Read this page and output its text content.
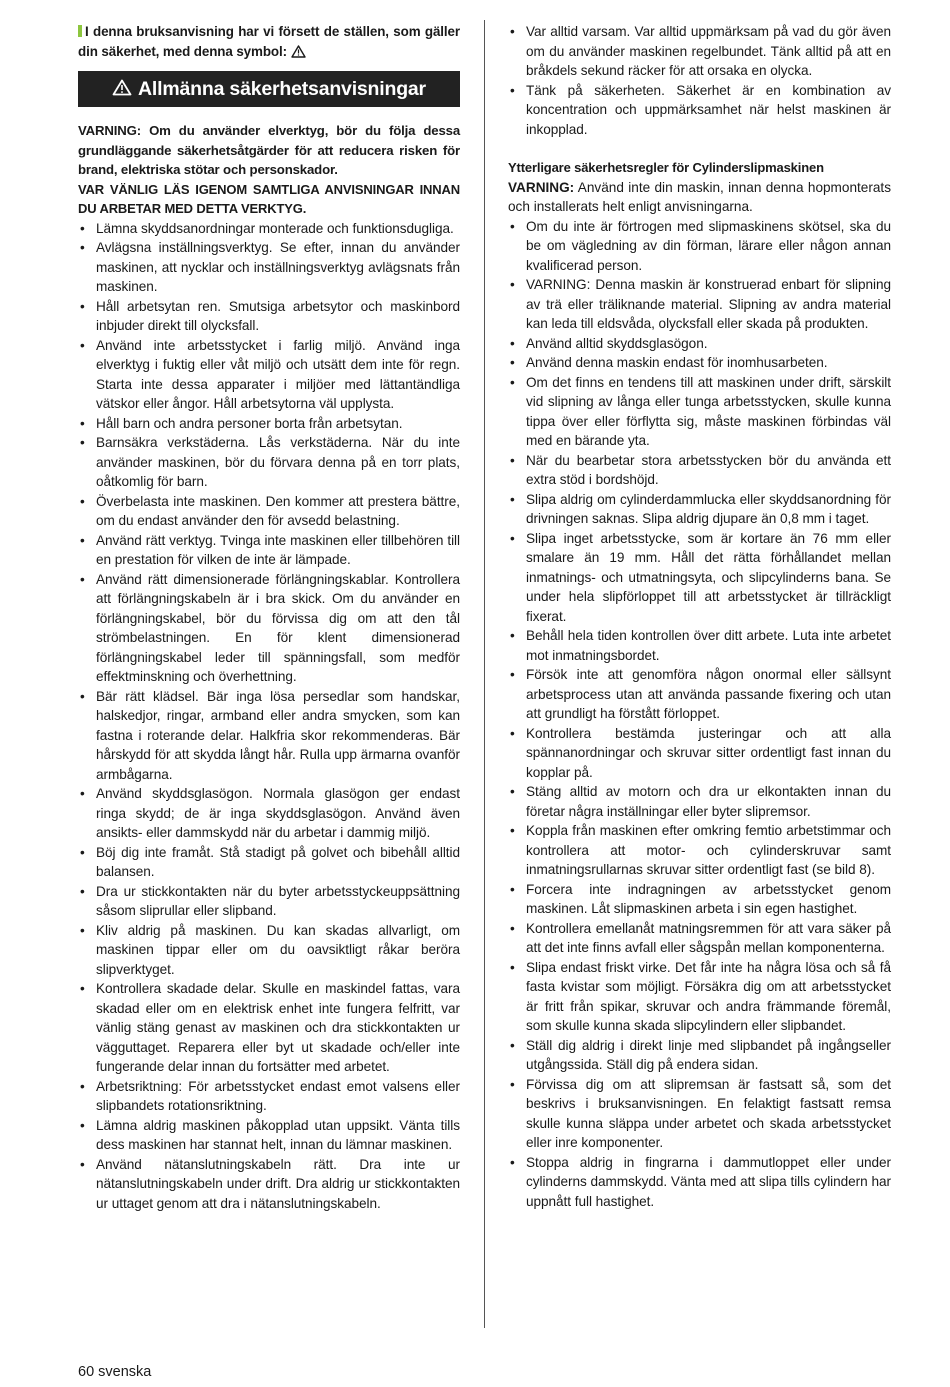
I denna bruksanvisning har vi försett de ställen, som gäller din säkerhet, med denna symbol:

Allmänna säkerhetsanvisningar

VARNING: Om du använder elverktyg, bör du följa dessa grundläggande säkerhetsåtgärder för att reducera risken för brand, elektriska stötar och personskador.

VAR VÄNLIG LÄS IGENOM SAMTLIGA ANVISNINGAR INNAN DU ARBETAR MED DETTA VERKTYG.

• Lämna skyddsanordningar monterade och funktionsdugliga.
• Avlägsna inställningsverktyg. Se efter, innan du använder maskinen, att nycklar och inställningsverktyg avlägsnats från maskinen.
• Håll arbetsytan ren. Smutsiga arbetsytor och maskinbord inbjuder direkt till olycksfall.
• Använd inte arbetsstycket i farlig miljö. Använd inga elverktyg i fuktig eller våt miljö och utsätt dem inte för regn. Starta inte dessa apparater i miljöer med lättantändliga vätskor eller ångor. Håll arbetsytorna väl upplysta.
• Håll barn och andra personer borta från arbetsytan.
• Barnsäkra verkstäderna. Lås verkstäderna. När du inte använder maskinen, bör du förvara denna på en torr plats, oåtkomlig för barn.
• Överbelasta inte maskinen. Den kommer att prestera bättre, om du endast använder den för avsedd belastning.
• Använd rätt verktyg. Tvinga inte maskinen eller tillbehören till en prestation för vilken de inte är lämpade.
• Använd rätt dimensionerade förlängningskablar. Kontrollera att förlängningskabeln är i bra skick. Om du använder en förlängningskabel, bör du förvissa dig om att den tål strömbelastningen. En för klent dimensionerad förlängningskabel leder till spänningsfall, som medför effektminskning och överhettning.
• Bär rätt klädsel. Bär inga lösa persedlar som handskar, halskedjor, ringar, armband eller andra smycken, som kan fastna i roterande delar. Halkfria skor rekommenderas. Bär hårskydd för att skydda långt hår. Rulla upp ärmarna ovanför armbågarna.
• Använd skyddsglasögon. Normala glasögon ger endast ringa skydd; de är inga skyddsglasögon. Använd även ansikts- eller dammskydd när du arbetar i dammig miljö.
• Böj dig inte framåt. Stå stadigt på golvet och bibehåll alltid balansen.
• Dra ur stickkontakten när du byter arbetsstyckeuppsättning såsom sliprullar eller slipband.
• Kliv aldrig på maskinen. Du kan skadas allvarligt, om maskinen tippar eller om du oavsiktligt råkar beröra slipverktyget.
• Kontrollera skadade delar. Skulle en maskindel fattas, vara skadad eller om en elektrisk enhet inte fungera felfritt, var vänlig stäng genast av maskinen och dra stickkontakten ur vägguttaget. Reparera eller byt ut skadade och/eller inte fungerande delar innan du fortsätter med arbetet.
• Arbetsriktning: För arbetsstycket endast emot valsens eller slipbandets rotationsriktning.
• Lämna aldrig maskinen påkopplad utan uppsikt. Vänta tills dess maskinen har stannat helt, innan du lämnar maskinen.
• Använd nätanslutningskabeln rätt. Dra inte ur nätanslutningskabeln under drift. Dra aldrig ur stickkontakten ur uttaget genom att dra i nätanslutningskabeln.
• Var alltid varsam. Var alltid uppmärksam på vad du gör även om du använder maskinen regelbundet. Tänk alltid på att en bråkdels sekund räcker för att orsaka en olycka.
• Tänk på säkerheten. Säkerhet är en kombination av koncentration och uppmärksamhet när helst maskinen är inkopplad.

Ytterligare säkerhetsregler för Cylinderslipmaskinen

VARNING: Använd inte din maskin, innan denna hopmonterats och installerats helt enligt anvisningarna.

• Om du inte är förtrogen med slipmaskinens skötsel, ska du be om vägledning av din förman, lärare eller någon annan kvalificerad person.
• VARNING: Denna maskin är konstruerad enbart för slipning av trä eller träliknande material. Slipning av andra material kan leda till eldsvåda, olycksfall eller skada på produkten.
• Använd alltid skyddsglasögon.
• Använd denna maskin endast för inomhusarbeten.
• Om det finns en tendens till att maskinen under drift, särskilt vid slipning av långa eller tunga arbetsstycken, skulle kunna tippa över eller förflytta sig, måste maskinen förbindas väl med en bärande yta.
• När du bearbetar stora arbetsstycken bör du använda ett extra stöd i bordshöjd.
• Slipa aldrig om cylinderdammlucka eller skyddsanordning för drivningen saknas. Slipa aldrig djupare än 0,8 mm i taget.
• Slipa inget arbetsstycke, som är kortare än 76 mm eller smalare än 19 mm. Håll det rätta förhållandet mellan inmatnings- och utmatningsyta, och slipcylinderns bana. Se under hela slipförloppet till att arbetsstycket är tillräckligt fixerat.
• Behåll hela tiden kontrollen över ditt arbete. Luta inte arbetet mot inmatningsbordet.
• Försök inte att genomföra någon onormal eller sällsynt arbetsprocess utan att använda passande fixering och utan att grundligt ha förstått förloppet.
• Kontrollera bestämda justeringar och att alla spännanordningar och skruvar sitter ordentligt fast innan du kopplar på.
• Stäng alltid av motorn och dra ur elkontakten innan du företar några inställningar eller byter slipremsor.
• Koppla från maskinen efter omkring femtio arbetstimmar och kontrollera att motor- och cylinderskruvar samt inmatningsrullarnas skruvar sitter ordentligt fast (se bild 8).
• Forcera inte indragningen av arbetsstycket genom maskinen. Låt slipmaskinen arbeta i sin egen hastighet.
• Kontrollera emellanåt matningsremmen för att vara säker på att det inte finns avfall eller sågspån mellan komponenterna.
• Slipa endast friskt virke. Det får inte ha några lösa och så få fasta kvistar som möjligt. Försäkra dig om att arbetsstycket är fritt från spikar, skruvar och andra främmande föremål, som skulle kunna skada slipcylindern eller slipbandet.
• Ställ dig aldrig i direkt linje med slipbandet på ingångseller utgångssida. Ställ dig på endera sidan.
• Förvissa dig om att slipremsan är fastsatt så, som det beskrivs i bruksanvisningen. En felaktigt fastsatt remsa skulle kunna släppa under arbetet och skada arbetsstycket eller inre komponenter.
• Stoppa aldrig in fingrarna i dammutloppet eller under cylinderns dammskydd. Vänta med att slipa tills cylindern har uppnått full hastighet.
60 svenska
